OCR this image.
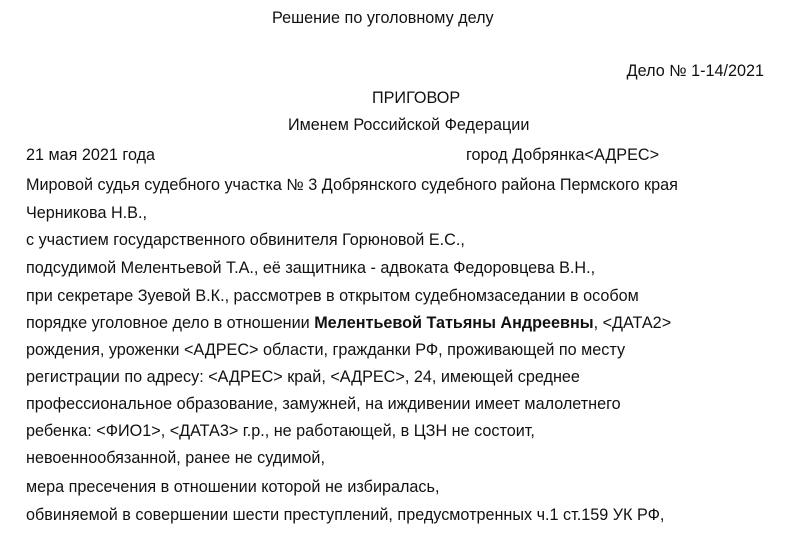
Решение по уголовному делу
Дело № 1-14/2021
ПРИГОВОР
Именем Российской Федерации
21 мая 2021 года	город Добрянка<АДРЕС>
Мировой судья судебного участка № 3 Добрянского судебного района Пермского края
Черникова Н.В.,
с участием государственного обвинителя Горюновой Е.С.,
подсудимой Мелентьевой Т.А., её защитника - адвоката Федоровцева В.Н.,
при секретаре Зуевой В.К., рассмотрев в открытом судебномзаседании в особом
порядке уголовное дело в отношении Мелентьевой Татьяны Андреевны, <ДАТА2>
рождения, уроженки <АДРЕС> области, гражданки РФ, проживающей по месту
регистрации по адресу: <АДРЕС> край, <АДРЕС>, 24, имеющей среднее
профессиональное образование, замужней, на иждивении имеет малолетнего
ребенка: <ФИО1>, <ДАТА3> г.р., не работающей, в ЦЗН не состоит,
невоеннообязанной, ранее не судимой,
мера пресечения в отношении которой не избиралась,
обвиняемой в совершении шести преступлений, предусмотренных ч.1 ст.159 УК РФ,
